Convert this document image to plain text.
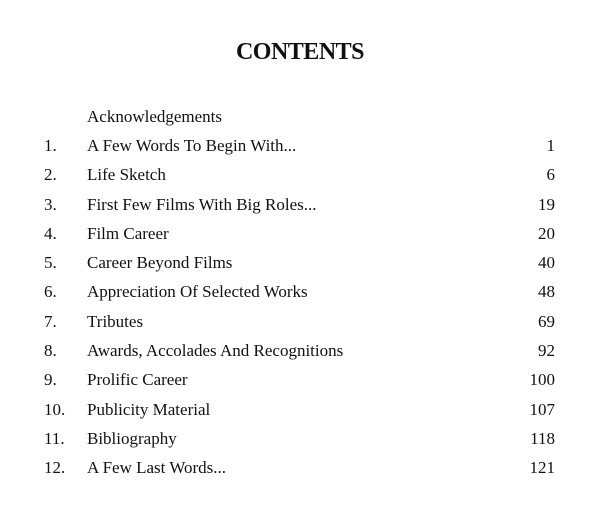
CONTENTS
Acknowledgements
1. A Few Words To Begin With...	1
2. Life Sketch	6
3. First Few Films With Big Roles...	19
4. Film Career	20
5. Career Beyond Films	40
6. Appreciation Of Selected Works	48
7. Tributes	69
8. Awards, Accolades And Recognitions	92
9. Prolific Career	100
10. Publicity Material	107
11. Bibliography	118
12. A Few Last Words...	121
